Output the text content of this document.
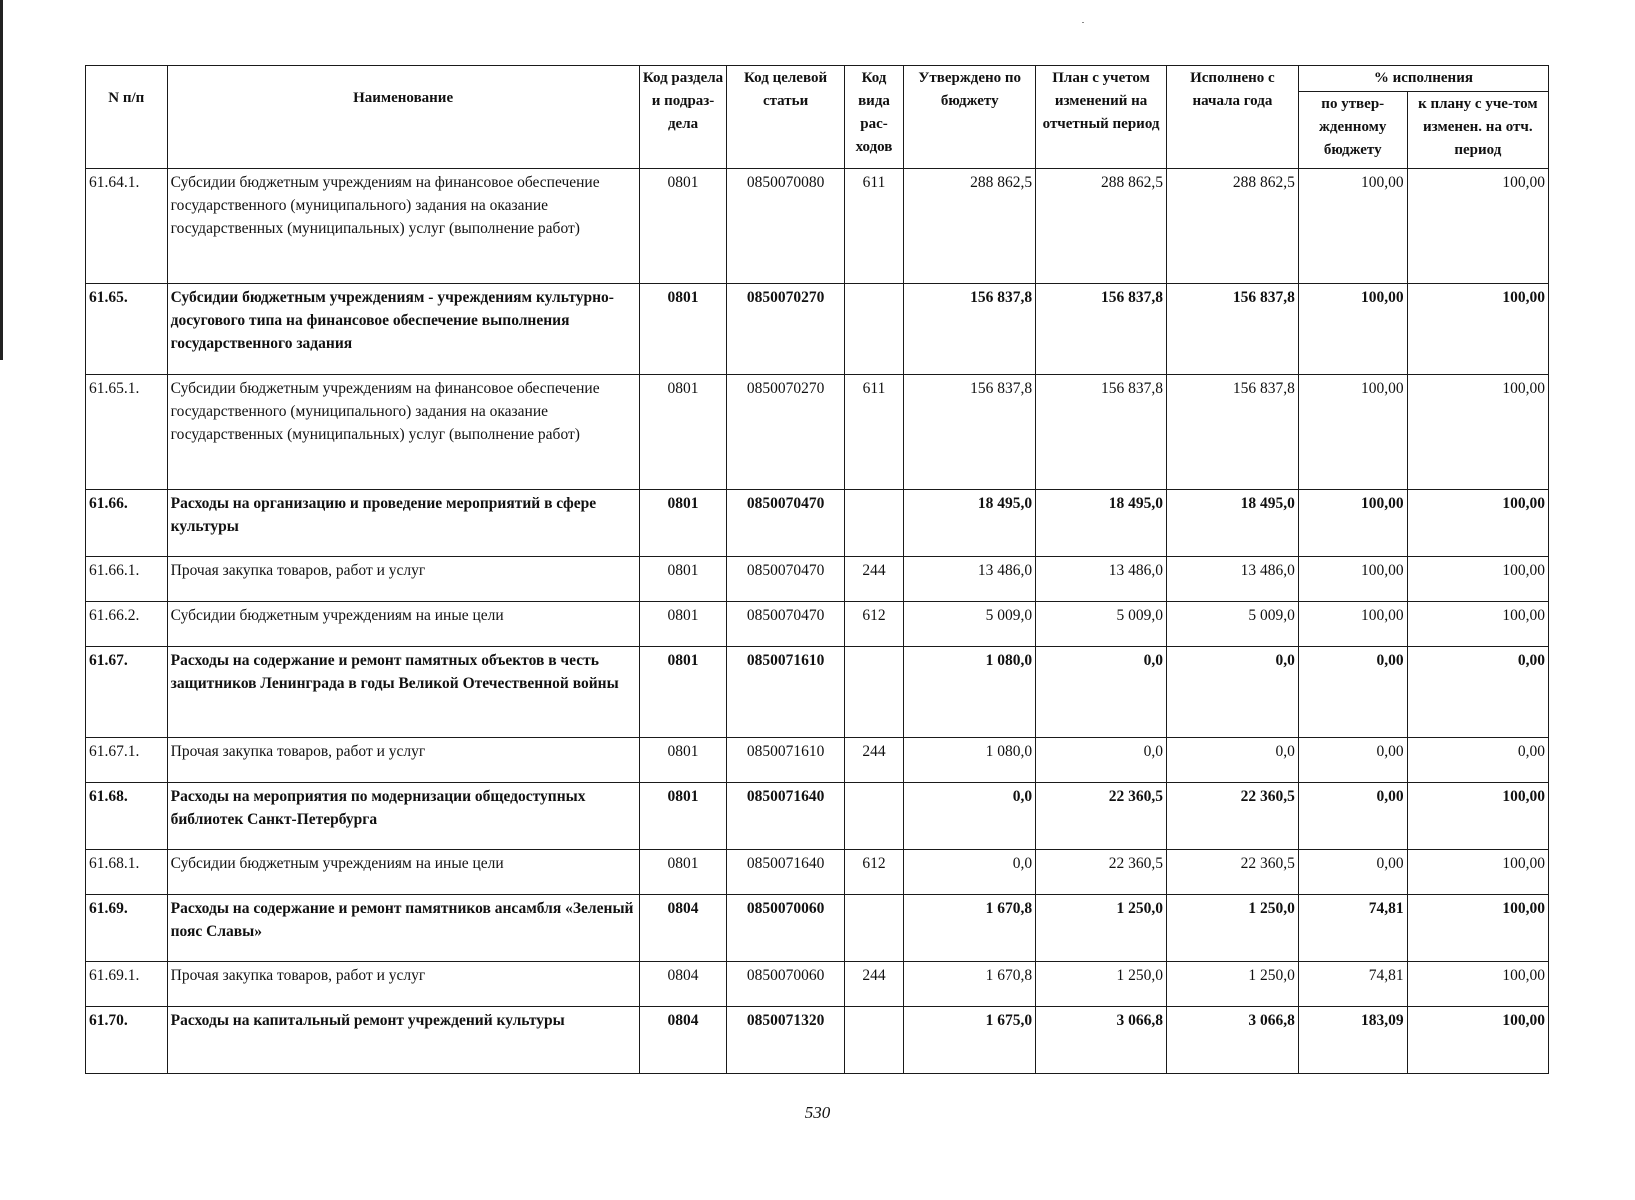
N п/п	Наименование	Код раздела и подраз-дела	Код целевой статьи	Код вида рас-ходов	Утверждено по бюджету	План с учетом изменений на отчетный период	Исполнено с начала года	% исполнения	
								по утвер-жденному бюджету	к плану с уче-том изменен. на отч. период
61.64.1.	Субсидии бюджетным учреждениям на финансовое обеспечение государственного (муниципального) задания на оказание государственных (муниципальных) услуг (выполнение работ)	0801	0850070080	611	288 862,5	288 862,5	288 862,5	100,00	100,00
61.65.	Субсидии бюджетным учреждениям - учреждениям культурно-досугового типа на финансовое обеспечение выполнения государственного задания	0801	0850070270		156 837,8	156 837,8	156 837,8	100,00	100,00
61.65.1.	Субсидии бюджетным учреждениям на финансовое обеспечение государственного (муниципального) задания на оказание государственных (муниципальных) услуг (выполнение работ)	0801	0850070270	611	156 837,8	156 837,8	156 837,8	100,00	100,00
61.66.	Расходы на организацию и проведение мероприятий в сфере культуры	0801	0850070470		18 495,0	18 495,0	18 495,0	100,00	100,00
61.66.1.	Прочая закупка товаров, работ и услуг	0801	0850070470	244	13 486,0	13 486,0	13 486,0	100,00	100,00
61.66.2.	Субсидии бюджетным учреждениям на иные цели	0801	0850070470	612	5 009,0	5 009,0	5 009,0	100,00	100,00
61.67.	Расходы на содержание и ремонт памятных объектов в честь защитников Ленинграда в годы Великой Отечественной войны	0801	0850071610		1 080,0	0,0	0,0	0,00	0,00
61.67.1.	Прочая закупка товаров, работ и услуг	0801	0850071610	244	1 080,0	0,0	0,0	0,00	0,00
61.68.	Расходы на мероприятия по модернизации общедоступных библиотек Санкт-Петербурга	0801	0850071640		0,0	22 360,5	22 360,5	0,00	100,00
61.68.1.	Субсидии бюджетным учреждениям на иные цели	0801	0850071640	612	0,0	22 360,5	22 360,5	0,00	100,00
61.69.	Расходы на содержание и ремонт памятников ансамбля «Зеленый пояс Славы»	0804	0850070060		1 670,8	1 250,0	1 250,0	74,81	100,00
61.69.1.	Прочая закупка товаров, работ и услуг	0804	0850070060	244	1 670,8	1 250,0	1 250,0	74,81	100,00
61.70.	Расходы на капитальный ремонт учреждений культуры	0804	0850071320		1 675,0	3 066,8	3 066,8	183,09	100,00
530
